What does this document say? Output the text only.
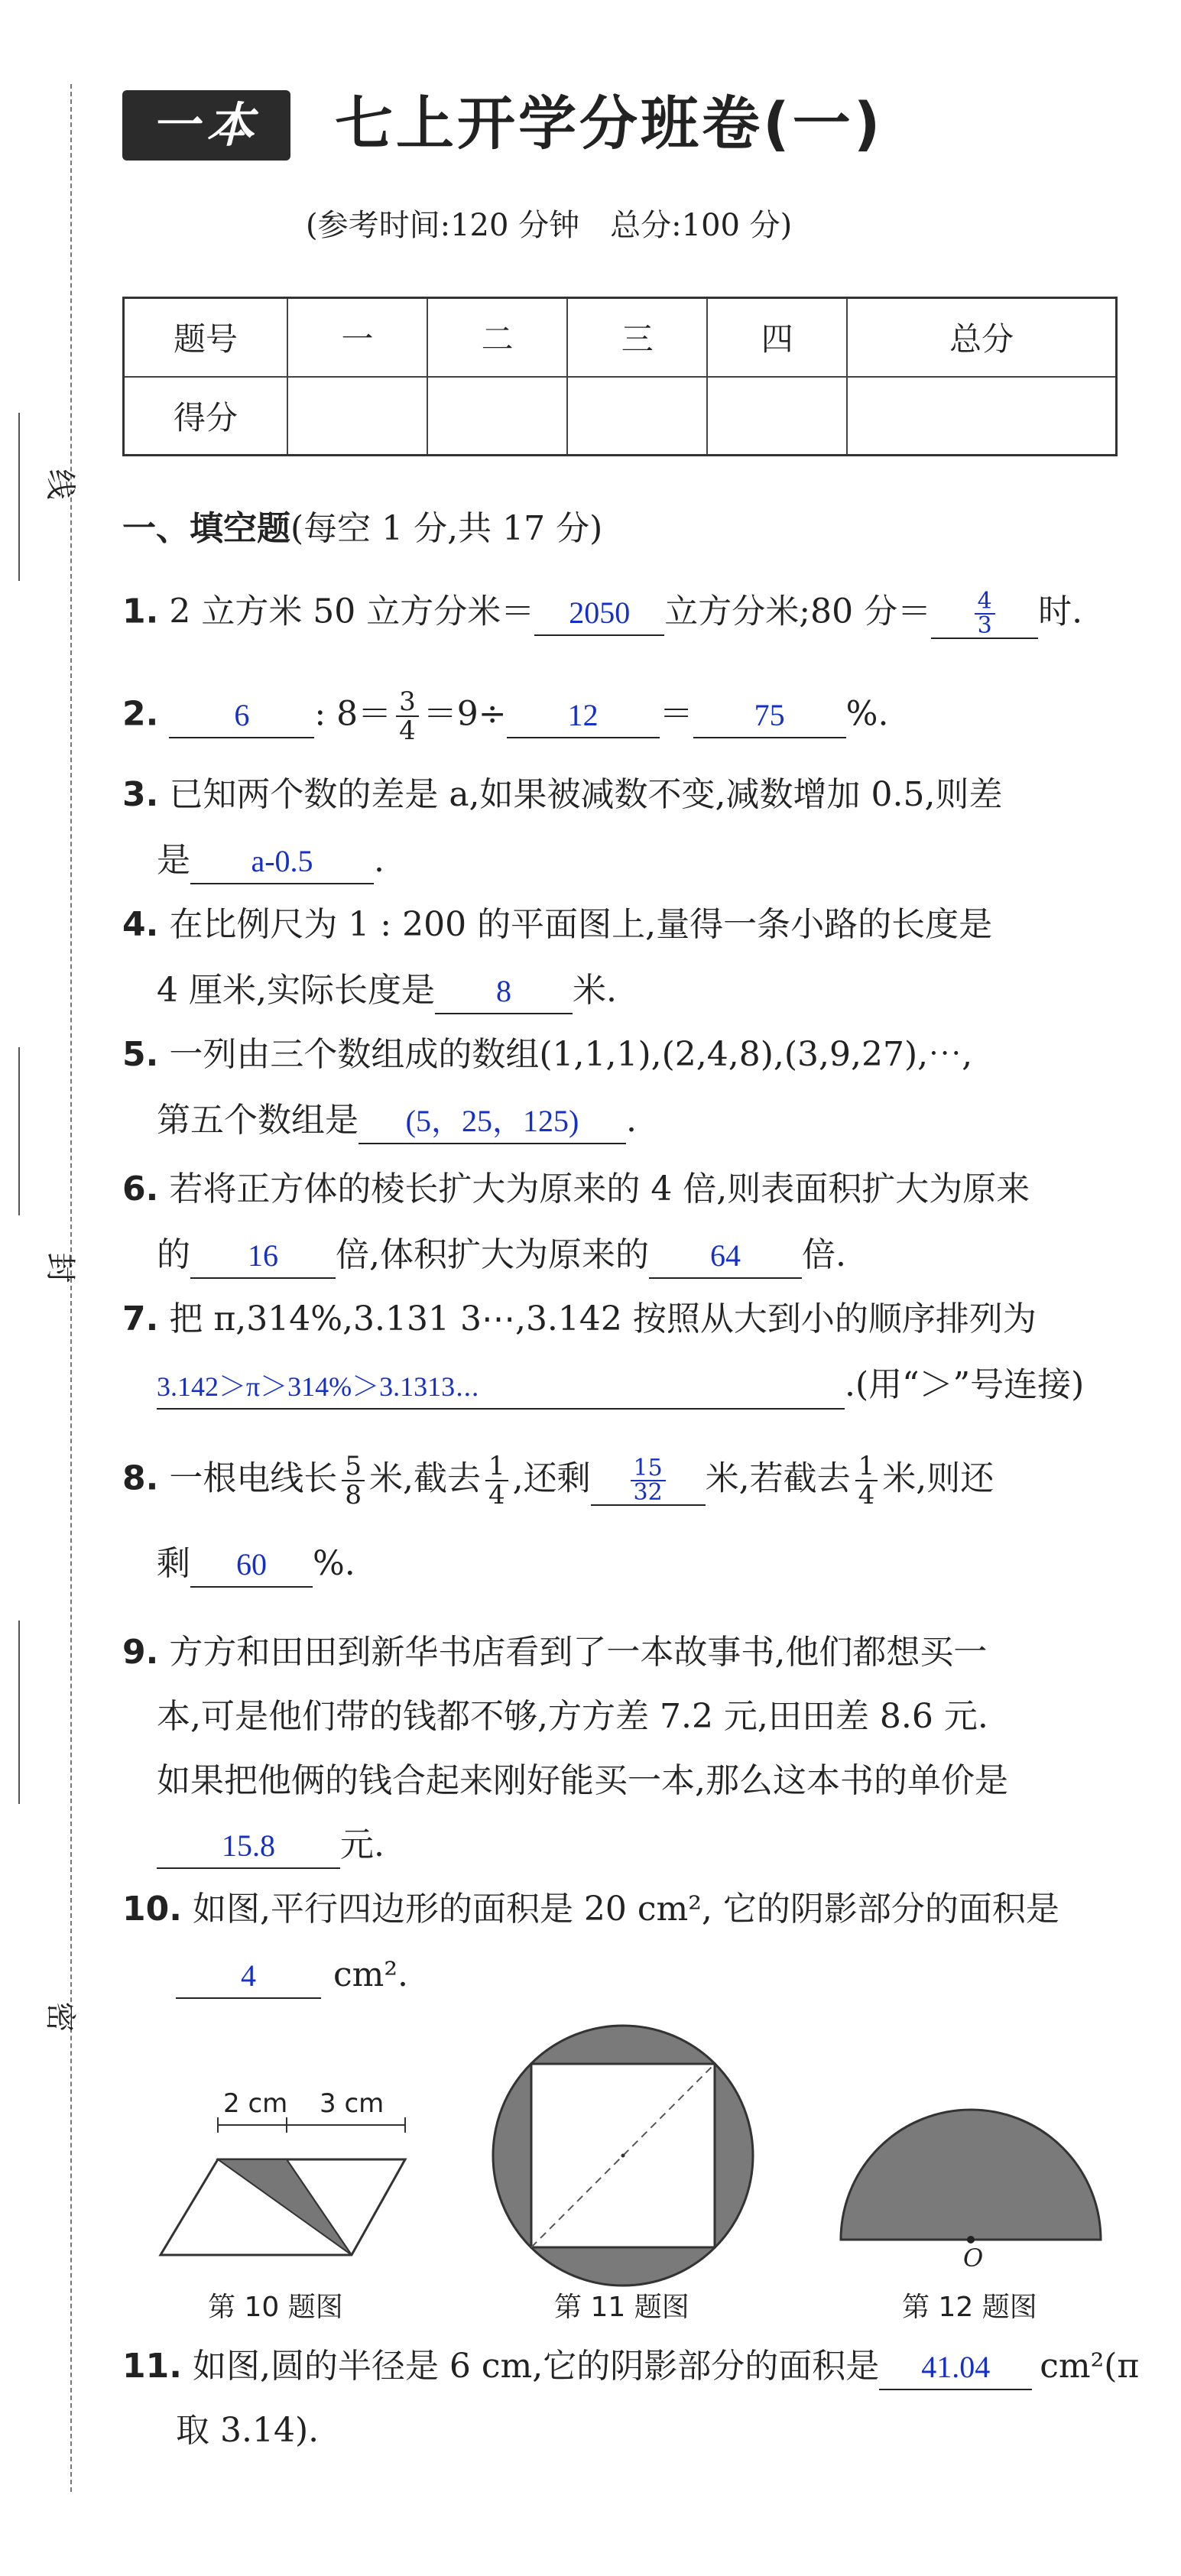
线
封
密
一本	七上开学分班卷(一)
(参考时间:120 分钟　总分:100 分)
题号	一	二	三	四	总分
得分					
一、填空题(每空 1 分,共 17 分)
1. 2 立方米 50 立方分米＝ 2050 立方分米;80 分＝ $\frac{4}{3}$ 时.
2. 6 : $8= \frac{3}{4} =9\div 12 = 75$ %.
3. 已知两个数的差是 a,如果被减数不变,减数增加 0.5,则差
是 a-0.5 .
4. 在比例尺为 1 : 200 的平面图上,量得一条小路的长度是
4 厘米,实际长度是 8 米.
5. 一列由三个数组成的数组(1,1,1),(2,4,8),(3,9,27),⋯,
第五个数组是 (5，25，125) .
6. 若将正方体的棱长扩大为原来的 4 倍,则表面积扩大为原来
的 16 倍,体积扩大为原来的 64 倍.
7. 把 π,314%,3.131 3⋯,3.142 按照从大到小的顺序排列为
3.142＞π＞314%＞3.1313⋯	.(用“＞”号连接)
8. 一根电线长 $\frac{5}{8}$ 米,截去 $\frac{1}{4}$ ,还剩 $\frac{15}{32}$ 米,若截去 $\frac{1}{4}$ 米,则还
剩 60 %.
9. 方方和田田到新华书店看到了一本故事书,他们都想买一
本,可是他们带的钱都不够,方方差 7.2 元,田田差 8.6 元.
如果把他俩的钱合起来刚好能买一本,那么这本书的单价是
15.8 元.
10. 如图,平行四边形的面积是 20 cm², 它的阴影部分的面积是
4 cm².
2 cm 3 cm
第 10 题图	第 11 题图
O
第 12 题图
11. 如图,圆的半径是 6 cm,它的阴影部分的面积是 41.04 cm²(π
取 3.14).
